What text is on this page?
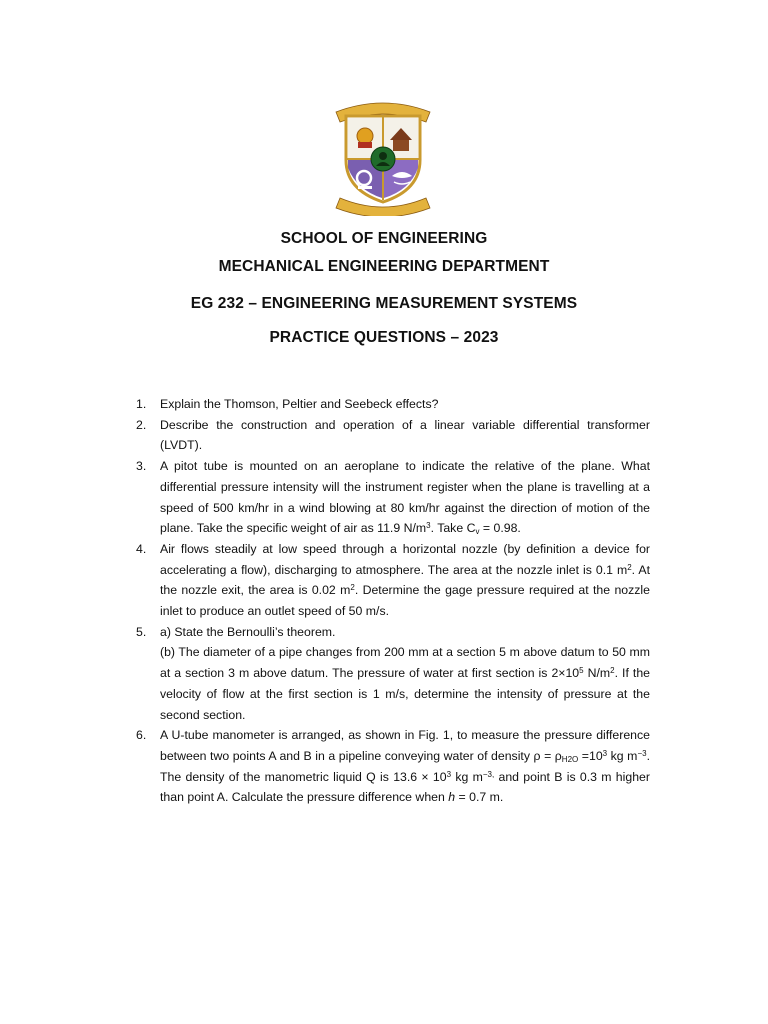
SCHOOL OF ENGINEERING
MECHANICAL ENGINEERING DEPARTMENT
EG 232 – ENGINEERING MEASUREMENT SYSTEMS
PRACTICE QUESTIONS – 2023
1.	Explain the Thomson, Peltier and Seebeck effects?
2.	Describe the construction and operation of a linear variable differential transformer (LVDT).
3.	A pitot tube is mounted on an aeroplane to indicate the relative of the plane. What differential pressure intensity will the instrument register when the plane is travelling at a speed of 500 km/hr in a wind blowing at 80 km/hr against the direction of motion of the plane. Take the specific weight of air as 11.9 $N/m^3$. Take $C_v = 0.98$.
4.	Air flows steadily at low speed through a horizontal nozzle (by definition a device for accelerating a flow), discharging to atmosphere. The area at the nozzle inlet is 0.1 $m^2$. At the nozzle exit, the area is 0.02 $m^2$. Determine the gage pressure required at the nozzle inlet to produce an outlet speed of 50 m/s.
5.	a) State the Bernoulli’s theorem.

(b) The diameter of a pipe changes from 200 mm at a section 5 m above datum to 50 mm at a section 3 m above datum. The pressure of water at first section is $2\times 10^5$ $N/m^2$. If the velocity of flow at the first section is 1 m/s, determine the intensity of pressure at the second section.

6.	A U-tube manometer is arranged, as shown in Fig. 1, to measure the pressure difference between two points A and B in a pipeline conveying water of density $\rho = \rho_{H2O} =10^3$ kg $m^{-3}$. The density of the manometric liquid Q is $13.6 \times 10^3$ kg $m^{-3,}$ and point B is 0.3 m higher than point A. Calculate the pressure difference when h = 0.7 m.
